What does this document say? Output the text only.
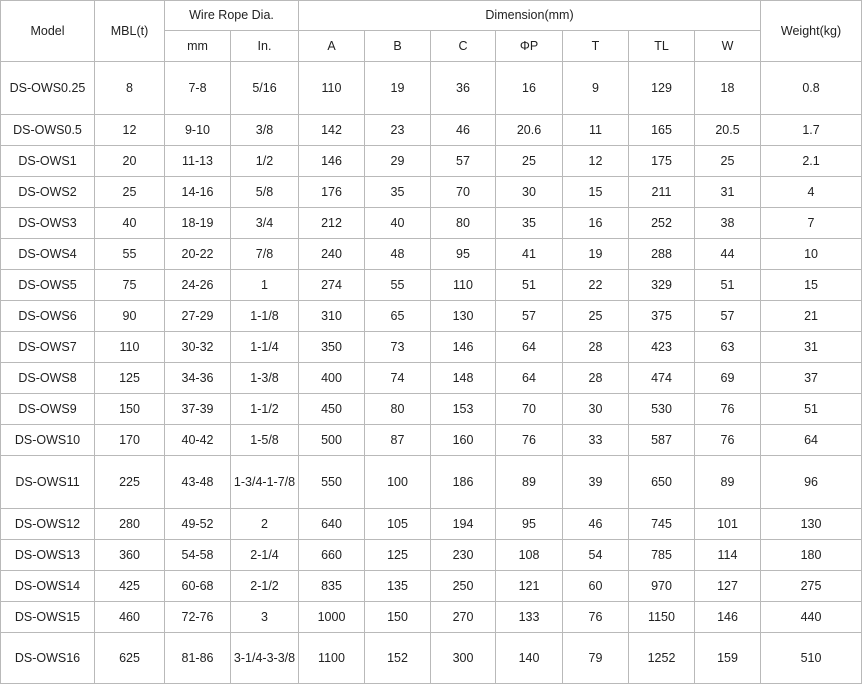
Model	MBL(t)	Wire Rope Dia.		Dimension(mm)							Weight(kg)
		mm	In.	A	B	C	ΦP	T	TL	W	
DS-OWS0.25	8	7-8	5/16	110	19	36	16	9	129	18	0.8
DS-OWS0.5	12	9-10	3/8	142	23	46	20.6	11	165	20.5	1.7
DS-OWS1	20	11-13	1/2	146	29	57	25	12	175	25	2.1
DS-OWS2	25	14-16	5/8	176	35	70	30	15	211	31	4
DS-OWS3	40	18-19	3/4	212	40	80	35	16	252	38	7
DS-OWS4	55	20-22	7/8	240	48	95	41	19	288	44	10
DS-OWS5	75	24-26	1	274	55	110	51	22	329	51	15
DS-OWS6	90	27-29	1-1/8	310	65	130	57	25	375	57	21
DS-OWS7	110	30-32	1-1/4	350	73	146	64	28	423	63	31
DS-OWS8	125	34-36	1-3/8	400	74	148	64	28	474	69	37
DS-OWS9	150	37-39	1-1/2	450	80	153	70	30	530	76	51
DS-OWS10	170	40-42	1-5/8	500	87	160	76	33	587	76	64
DS-OWS11	225	43-48	1-3/4-1-7/8	550	100	186	89	39	650	89	96
DS-OWS12	280	49-52	2	640	105	194	95	46	745	101	130
DS-OWS13	360	54-58	2-1/4	660	125	230	108	54	785	114	180
DS-OWS14	425	60-68	2-1/2	835	135	250	121	60	970	127	275
DS-OWS15	460	72-76	3	1000	150	270	133	76	1150	146	440
DS-OWS16	625	81-86	3-1/4-3-3/8	1100	152	300	140	79	1252	159	510
